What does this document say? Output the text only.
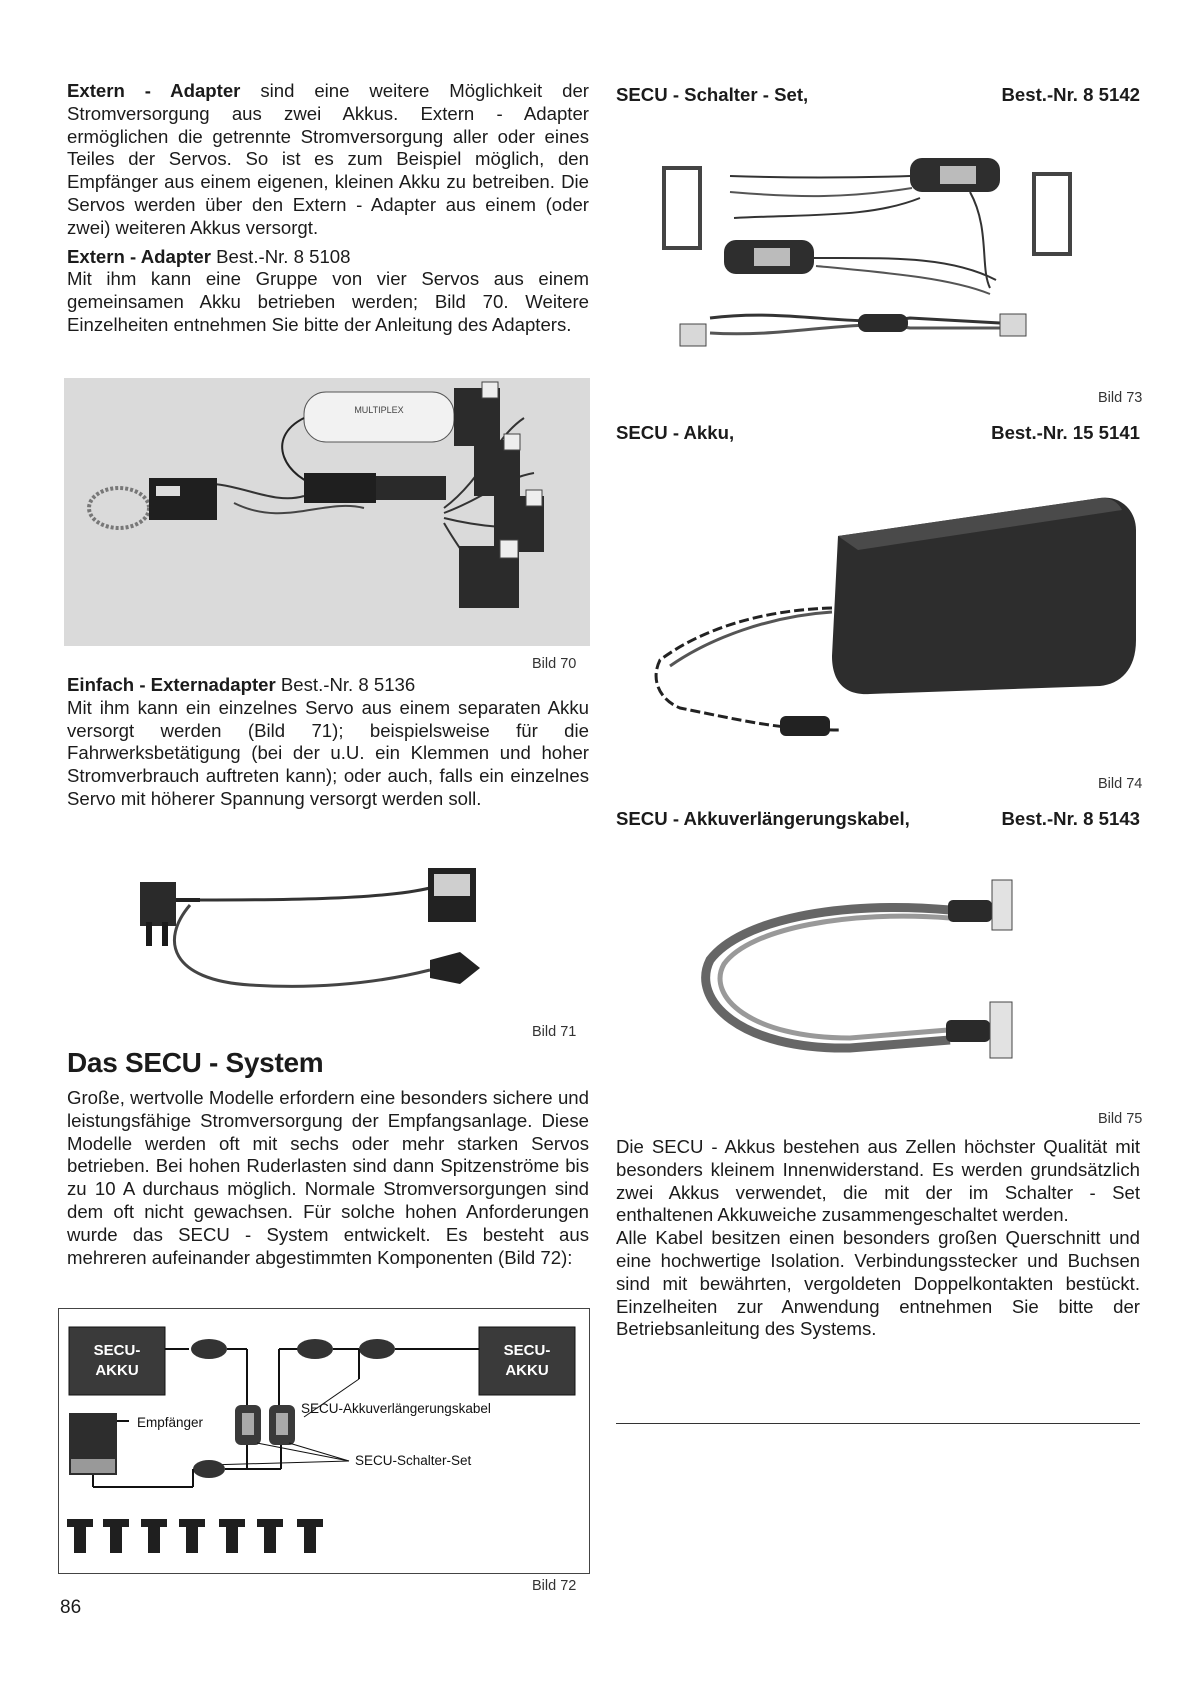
Extern - Adapter sind eine weitere Möglichkeit der Stromversorgung aus zwei Akkus. Extern - Adapter ermöglichen die getrennte Stromversorgung aller oder eines Teiles der Servos. So ist es zum Beispiel möglich, den Empfänger aus einem eigenen, kleinen Akku zu betreiben. Die Servos werden über den Extern - Adapter aus einem (oder zwei) weiteren Akkus versorgt.

Extern - Adapter Best.-Nr. 8 5108

Mit ihm kann eine Gruppe von vier Servos aus einem gemeinsamen Akku betrieben werden; Bild 70. Weitere Einzelheiten entnehmen Sie bitte der Anleitung des Adapters.

MULTIPLEX
Bild 70

Einfach - Externadapter Best.-Nr. 8 5136

Mit ihm kann ein einzelnes Servo aus einem separaten Akku versorgt werden (Bild 71); beispielsweise für die Fahrwerksbetätigung (bei der u.U. ein Klemmen und hoher Stromverbrauch auftreten kann); oder auch, falls ein einzelnes Servo mit höherer Spannung versorgt werden soll.

Bild 71
Das SECU - System

Große, wertvolle Modelle erfordern eine besonders sichere und leistungsfähige Stromversorgung der Empfangsanlage. Diese Modelle werden oft mit sechs oder mehr starken Servos betrieben. Bei hohen Ruderlasten sind dann Spitzenströme bis zu 10 A durchaus möglich. Normale Stromversorgungen sind dem oft nicht gewachsen. Für solche hohen Anforderungen wurde das SECU - System entwickelt. Es besteht aus mehreren aufeinander abgestimmten Komponenten (Bild 72):

SECU-
AKKU
SECU-
AKKU
Empfänger
SECU-Akkuverlängerungskabel
SECU-Schalter-Set
Bild 72
86
SECU - Schalter - Set,	Best.-Nr. 8 5142
Bild 73
SECU - Akku,	Best.-Nr. 15 5141
Bild 74
SECU - Akkuverlängerungskabel,	Best.-Nr. 8 5143
Bild 75

Die SECU - Akkus bestehen aus Zellen höchster Qualität mit besonders kleinem Innenwiderstand. Es werden grundsätzlich zwei Akkus verwendet, die mit der im Schalter - Set enthaltenen Akkuweiche zusammengeschaltet werden.

Alle Kabel besitzen einen besonders großen Querschnitt und eine hochwertige Isolation. Verbindungsstecker und Buchsen sind mit bewährten, vergoldeten Doppelkontakten bestückt. Einzelheiten zur Anwendung entnehmen Sie bitte der Betriebsanleitung des Systems.
